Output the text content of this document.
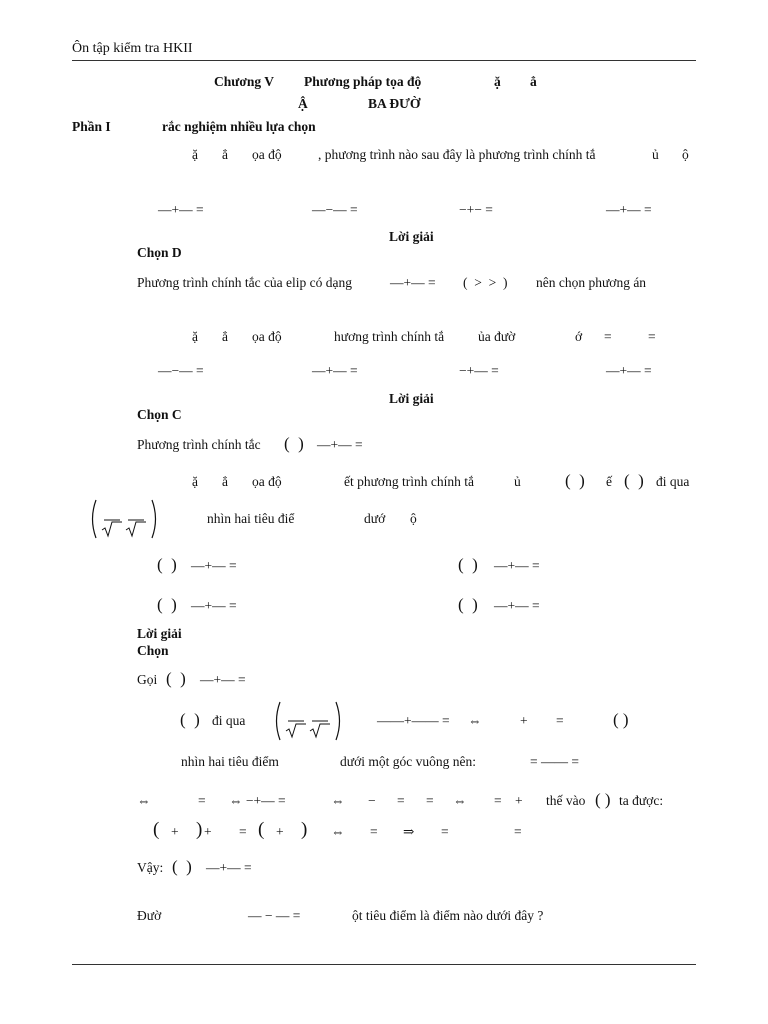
Ôn tập kiểm tra HKII
Chương V Phương pháp tọa độ	ặ ẳ
Ậ	BA ĐƯỜ
Phần I	rắc nghiệm nhiều lựa chọn
ặ ẳ ọa độ	, phương trình nào sau đây là phương trình chính tắ	ủ ộ
—+— =	—−— =	−+− =	—+— =
Lời giải
Chọn D
Phương trình chính tắc của elip có dạng	—+— = (  >  >  ) nên chọn phương án
ặ ẳ ọa độ	hương trình chính tắ	ủa đườ	ớ =	=
—−— =	—+— =	−+— =	—+— =
Lời giải
Chọn C
Phương trình chính tắc (  ) —+— =
ặ ẳ ọa độ	ết phương trình chính tắ	ủ	(  ) ế (  ) đi qua
nhìn hai tiêu điể	dướ ộ
(  ) —+— =	(  ) —+— =
(  ) —+— =	(  ) —+— =
Lời giải
Chọn
Gọi (  ) —+— =
(  ) đi qua	——+—— = ⇔	+ =	( )
nhìn hai tiêu điểm	dưới một góc vuông nên:	= —— =
⇔	= ⇔ −+— =	⇔ − = = ⇔ = + thế vào ( ) ta được:
( + ) + = ( + ) ⇔ = ⇒ =	=
Vậy: (  ) —+— =
Đườ	— − — =	ột tiêu điểm là điểm nào dưới đây ?
